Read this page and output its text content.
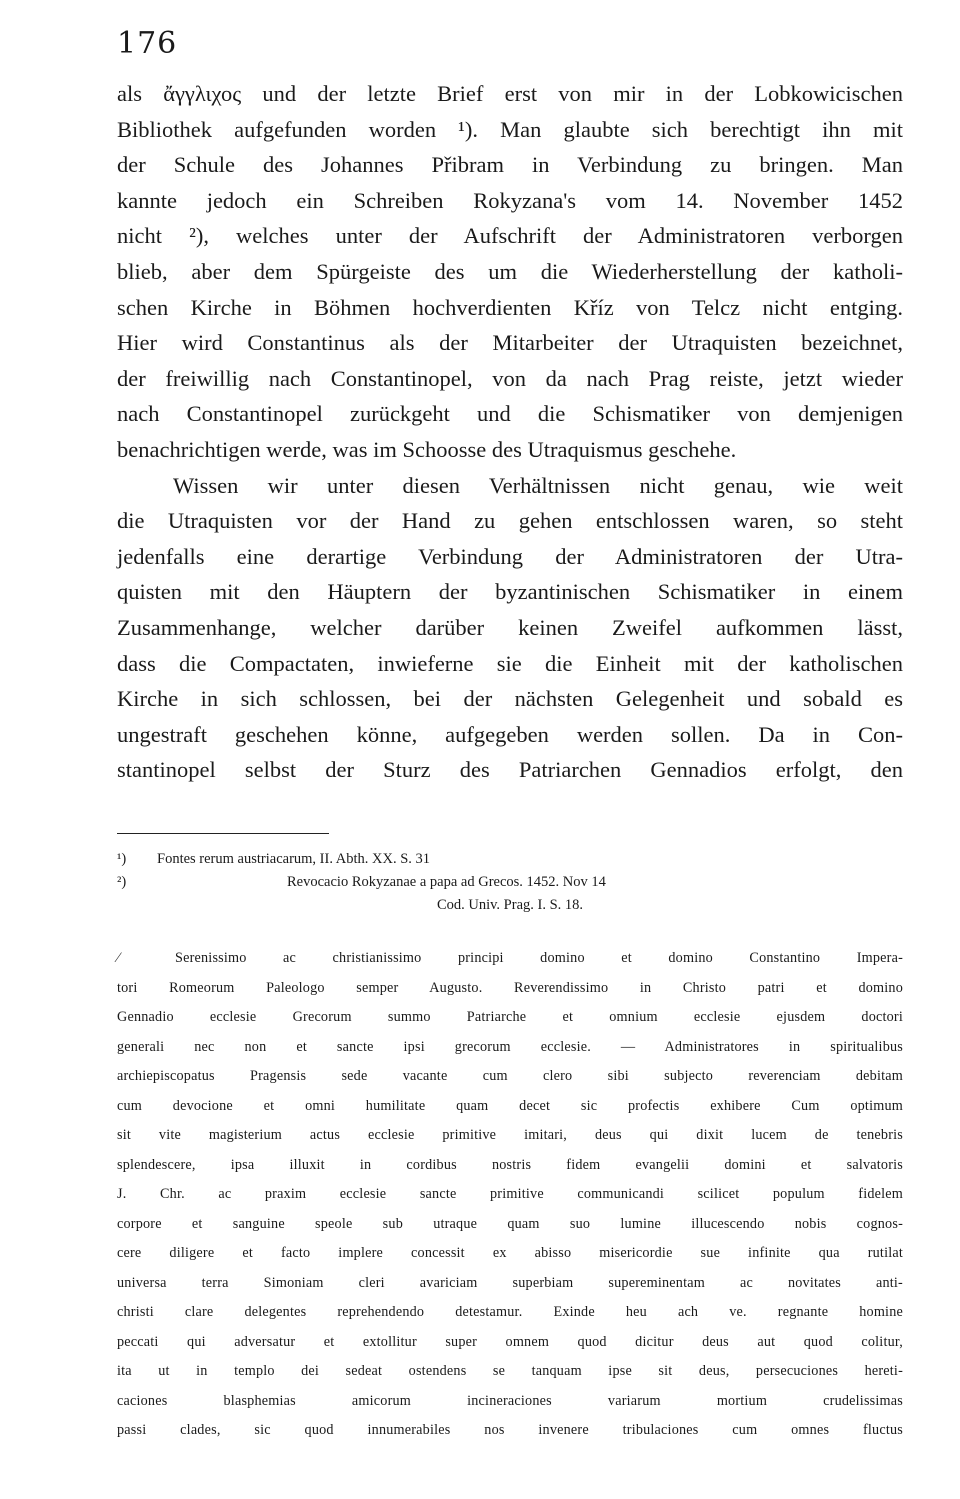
176
als ἄγγλιχος und der letzte Brief erst von mir in der Lobkowicischen
Bibliothek aufgefunden worden ¹). Man glaubte sich berechtigt ihn mit
der Schule des Johannes Přibram in Verbindung zu bringen. Man
kannte jedoch ein Schreiben Rokyzana's vom 14. November 1452
nicht ²), welches unter der Aufschrift der Administratoren verborgen
blieb, aber dem Spürgeiste des um die Wiederherstellung der katholi-
schen Kirche in Böhmen hochverdienten Kříz von Telcz nicht entging.
Hier wird Constantinus als der Mitarbeiter der Utraquisten bezeichnet,
der freiwillig nach Constantinopel, von da nach Prag reiste, jetzt wieder
nach Constantinopel zurückgeht und die Schismatiker von demjenigen
benachrichtigen werde, was im Schoosse des Utraquismus geschehe.
Wissen wir unter diesen Verhältnissen nicht genau, wie weit
die Utraquisten vor der Hand zu gehen entschlossen waren, so steht
jedenfalls eine derartige Verbindung der Administratoren der Utra-
quisten mit den Häuptern der byzantinischen Schismatiker in einem
Zusammenhange, welcher darüber keinen Zweifel aufkommen lässt,
dass die Compactaten, inwieferne sie die Einheit mit der katholischen
Kirche in sich schlossen, bei der nächsten Gelegenheit und sobald es
ungestraft geschehen könne, aufgegeben werden sollen. Da in Con-
stantinopel selbst der Sturz des Patriarchen Gennadios erfolgt, den
¹) Fontes rerum austriacarum, II. Abth. XX. S. 31
²)	Revocacio Rokyzanae a papa ad Grecos. 1452. Nov 14
Cod. Univ. Prag. I. S. 18.
⁄	Serenissimo ac christianissimo principi domino et domino Constantino Impera-
tori Romeorum Paleologo semper Augusto. Reverendissimo in Christo patri et domino
Gennadio ecclesie Grecorum summo Patriarche et omnium ecclesie ejusdem doctori
generali nec non et sancte ipsi grecorum ecclesie. — Administratores in spiritualibus
archiepiscopatus Pragensis sede vacante cum clero sibi subjecto reverenciam debitam
cum devocione et omni humilitate quam decet sic profectis exhibere Cum optimum
sit vite magisterium actus ecclesie primitive imitari, deus qui dixit lucem de tenebris
splendescere, ipsa illuxit in cordibus nostris fidem evangelii domini et salvatoris
J. Chr. ac praxim ecclesie sancte primitive communicandi scilicet populum fidelem
corpore et sanguine speole sub utraque quam suo lumine illucescendo nobis cognos-
cere diligere et facto implere concessit ex abisso misericordie sue infinite qua rutilat
universa terra Simoniam cleri avariciam superbiam supereminentam ac novitates anti-
christi clare delegentes reprehendendo detestamur. Exinde heu ach ve. regnante homine
peccati qui adversatur et extollitur super omnem quod dicitur deus aut quod colitur,
ita ut in templo dei sedeat ostendens se tanquam ipse sit deus, persecuciones hereti-
caciones blasphemias amicorum incineraciones variarum mortium crudelissimas
passi clades, sic quod innumerabiles nos invenere tribulaciones cum omnes fluctus
